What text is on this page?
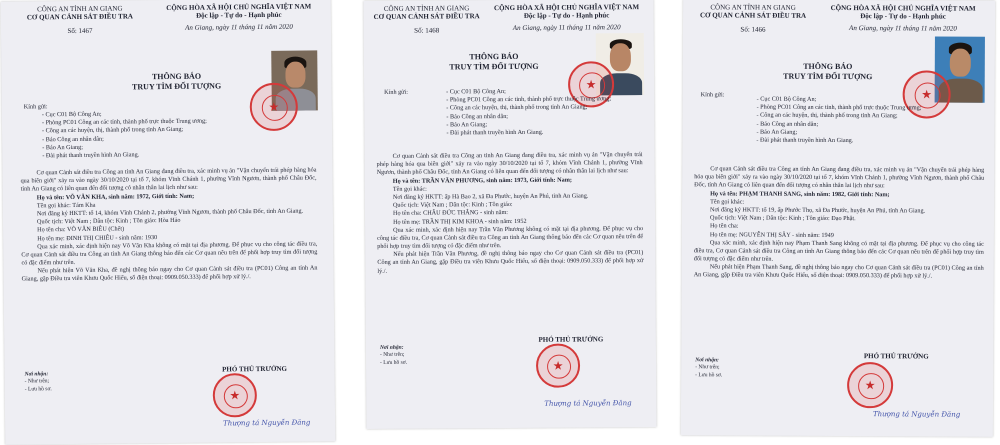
CÔNG AN TỈNH AN GIANG
CƠ QUAN CẢNH SÁT ĐIỀU TRA
Số: 1467
CỘNG HÒA XÃ HỘI CHỦ NGHĨA VIỆT NAM
Độc lập - Tự do - Hạnh phúc
An Giang, ngày 11 tháng 11 năm 2020
THÔNG BÁO
TRUY TÌM ĐỐI TƯỢNG
★
Kính gửi:
- Cục C01 Bộ Công An;
- Phòng PC01 Công an các tỉnh, thành phố trực thuộc Trung ương;
- Công an các huyện, thị, thành phố trong tỉnh An Giang;
- Báo Công an nhân dân;
- Báo An Giang;
- Đài phát thanh truyền hình An Giang.
Cơ quan Cảnh sát điều tra Công an tỉnh An Giang đang điều tra, xác minh vụ án "Vận chuyển trái phép hàng hóa qua biên giới" xảy ra vào ngày 30/10/2020 tại tổ 7, khóm Vĩnh Chánh 1, phường Vĩnh Ngươn, thành phố Châu Đốc, tỉnh An Giang có liên quan đến đối tượng có nhân thân lai lịch như sau:
Họ và tên: VÕ VĂN KHA, sinh năm: 1972, Giới tính: Nam;
Tên gọi khác: Tám Kha
Nơi đăng ký HKTT: tổ 14, khóm Vĩnh Chánh 2, phường Vĩnh Ngươn, thành phố Châu Đốc, tỉnh An Giang.
Quốc tịch: Việt Nam ; Dân tộc: Kinh ; Tôn giáo: Hòa Hảo
Họ tên cha: VÕ VĂN BIÊU (Chết)
Họ tên mẹ: ĐINH THỊ CHIÊU - sinh năm: 1930
Qua xác minh, xác định hiện nay Võ Văn Kha không có mặt tại địa phương. Để phục vụ cho công tác điều tra, Cơ quan Cảnh sát điều tra Công an tỉnh An Giang thông báo đến các Cơ quan nêu trên để phối hợp truy tìm đối tượng có đặc điểm như trên.
Nếu phát hiện Võ Văn Kha, đề nghị thông báo ngay cho Cơ quan Cảnh sát điều tra (PC01) Công an tỉnh An Giang, gặp Điều tra viên Khưu Quốc Hiếu, số điện thoại: 0909.050.333) để phối hợp xử lý./.
Nơi nhận:
- Như trên;
- Lưu hồ sơ.
PHÓ THỦ TRƯỞNG
★
Thượng tá Nguyễn Đăng
CÔNG AN TỈNH AN GIANG
CƠ QUAN CẢNH SÁT ĐIỀU TRA
Số: 1468
CỘNG HÒA XÃ HỘI CHỦ NGHĨA VIỆT NAM
Độc lập - Tự do - Hạnh phúc
An Giang, ngày 11 tháng 11 năm 2020
THÔNG BÁO
TRUY TÌM ĐỐI TƯỢNG
★
Kính gửi:	- Cục C01 Bộ Công An;
- Phòng PC01 Công an các tỉnh, thành phố trực thuộc Trung ương;
- Công an các huyện, thị, thành phố trong tỉnh An Giang;
- Báo Công an nhân dân;
- Báo An Giang;
- Đài phát thanh truyền hình An Giang.
Cơ quan Cảnh sát điều tra Công an tỉnh An Giang đang điều tra, xác minh vụ án "Vận chuyển trái phép hàng hóa qua biên giới" xảy ra vào ngày 30/10/2020 tại tổ 7, khóm Vĩnh Chánh 1, phường Vĩnh Ngươn, thành phố Châu Đốc, tỉnh An Giang có liên quan đến đối tượng có nhân thân lai lịch như sau:
Họ và tên: TRẦN VĂN PHƯƠNG, sinh năm: 1973, Giới tính: Nam;
Tên gọi khác:
Nơi đăng ký HKTT: ấp Hà Bao 2, xã Đa Phước, huyện An Phú, tỉnh An Giang.
Quốc tịch: Việt Nam ; Dân tộc: Kinh ; Tôn giáo:
Họ tên cha: CHÂU ĐỨC THẮNG - sinh năm:
Họ tên mẹ: TRẦN THỊ KIM KHOA - sinh năm: 1952
Qua xác minh, xác định hiện nay Trần Văn Phương không có mặt tại địa phương. Để phục vụ cho công tác điều tra, Cơ quan Cảnh sát điều tra Công an tỉnh An Giang thông báo đến các Cơ quan nêu trên để phối hợp truy tìm đối tượng có đặc điểm như trên.
Nếu phát hiện Trần Văn Phương, đề nghị thông báo ngay cho Cơ quan Cảnh sát điều tra (PC01) Công an tỉnh An Giang, gặp Điều tra viên Khưu Quốc Hiếu, số điện thoại: 0909.050.333) để phối hợp xử lý./.
Nơi nhận:
- Như trên;
- Lưu hồ sơ.
PHÓ THỦ TRƯỞNG
★
Thượng tá Nguyễn Đăng
CÔNG AN TỈNH AN GIANG
CƠ QUAN CẢNH SÁT ĐIỀU TRA
Số: 1466
CỘNG HÒA XÃ HỘI CHỦ NGHĨA VIỆT NAM
Độc lập - Tự do - Hạnh phúc
An Giang, ngày 11 tháng 11 năm 2020
THÔNG BÁO
TRUY TÌM ĐỐI TƯỢNG
★
Kính gửi:
- Cục C01 Bộ Công An;
- Phòng PC01 Công an các tỉnh, thành phố trực thuộc Trung ương;
- Công an các huyện, thị, thành phố trong tỉnh An Giang;
- Báo Công an nhân dân;
- Báo An Giang;
- Đài phát thanh truyền hình An Giang.
Cơ quan Cảnh sát điều tra Công an tỉnh An Giang đang điều tra, xác minh vụ án "Vận chuyển trái phép hàng hóa qua biên giới" xảy ra vào ngày 30/10/2020 tại tổ 7, khóm Vĩnh Chánh 1, phường Vĩnh Ngươn, thành phố Châu Đốc, tỉnh An Giang có liên quan đến đối tượng có nhân thân lai lịch như sau:
Họ và tên: PHẠM THANH SANG, sinh năm: 1982, Giới tính: Nam;
Tên gọi khác:
Nơi đăng ký HKTT: tổ 19, ấp Phước Thọ, xã Đa Phước, huyện An Phú, tỉnh An Giang.
Quốc tịch: Việt Nam ; Dân tộc: Kinh ; Tôn giáo: Đạo Phật.
Họ tên cha:
Họ tên mẹ: NGUYỄN THỊ SÂY - sinh năm: 1949
Qua xác minh, xác định hiện nay Phạm Thanh Sang không có mặt tại địa phương. Để phục vụ cho công tác điều tra, Cơ quan Cảnh sát điều tra Công an tỉnh An Giang thông báo đến các Cơ quan nêu trên để phối hợp truy tìm đối tượng có đặc điểm như trên.
Nếu phát hiện Phạm Thanh Sang, đề nghị thông báo ngay cho Cơ quan Cảnh sát điều tra (PC01) Công an tỉnh An Giang, gặp Điều tra viên Khưu Quốc Hiếu, số điện thoại: 0909.050.333) để phối hợp xử lý./.
Nơi nhận:
- Như trên;
- Lưu hồ sơ.
PHÓ THỦ TRƯỞNG
★
Thượng tá Nguyễn Đăng
